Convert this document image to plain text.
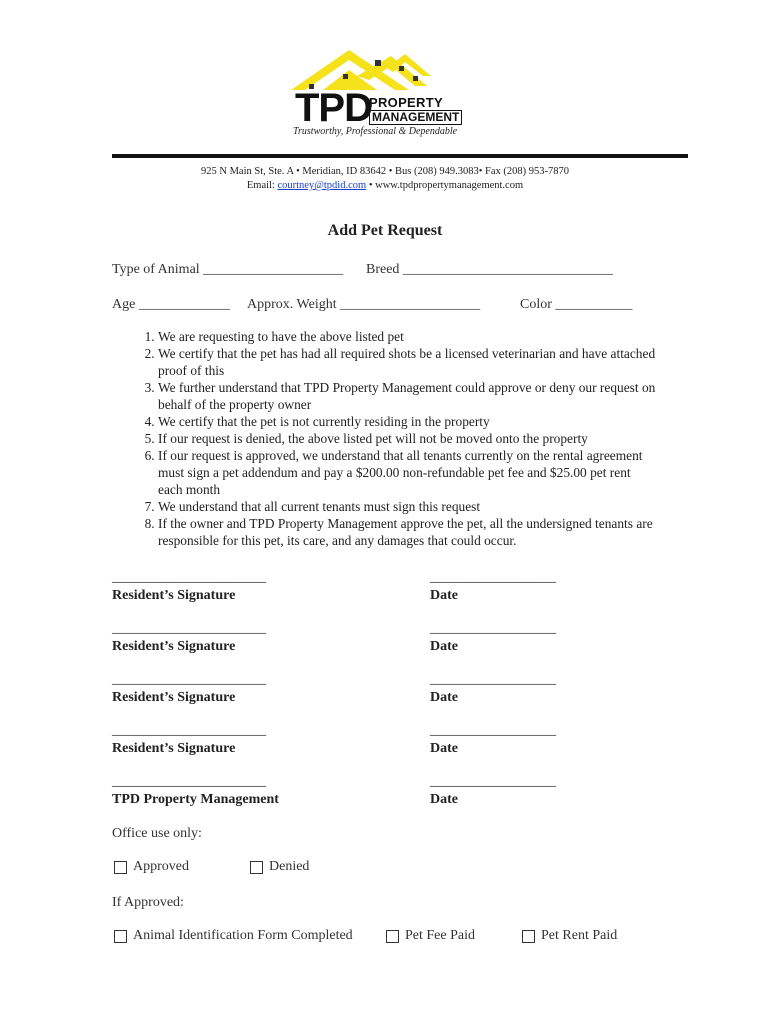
TPD
PROPERTY
MANAGEMENT
Trustworthy, Professional & Dependable
925 N Main St, Ste. A • Meridian, ID 83642 • Bus (208) 949.3083• Fax (208) 953-7870
Email: courtney@tpdid.com • www.tpdpropertymanagement.com
Add Pet Request
Type of Animal ____________________ Breed ______________________________
Age _____________ Approx. Weight ____________________	Color ___________
1. We are requesting to have the above listed pet
2. We certify that the pet has had all required shots be a licensed veterinarian and have attached proof of this
3. We further understand that TPD Property Management could approve or deny our request on behalf of the property owner
4. We certify that the pet is not currently residing in the property
5. If our request is denied, the above listed pet will not be moved onto the property
6. If our request is approved, we understand that all tenants currently on the rental agreement must sign a pet addendum and pay a $200.00 non-refundable pet fee and $25.00 pet rent each month
7. We understand that all current tenants must sign this request
8. If the owner and TPD Property Management approve the pet, all the undersigned tenants are responsible for this pet, its care, and any damages that could occur.
______________________	__________________
Resident’s Signature	Date
______________________	__________________
Resident’s Signature	Date
______________________	__________________
Resident’s Signature	Date
______________________	__________________
Resident’s Signature	Date
______________________	__________________
TPD Property Management	Date
Office use only:
Approved	Denied
If Approved:
Animal Identification Form Completed	Pet Fee Paid	Pet Rent Paid
